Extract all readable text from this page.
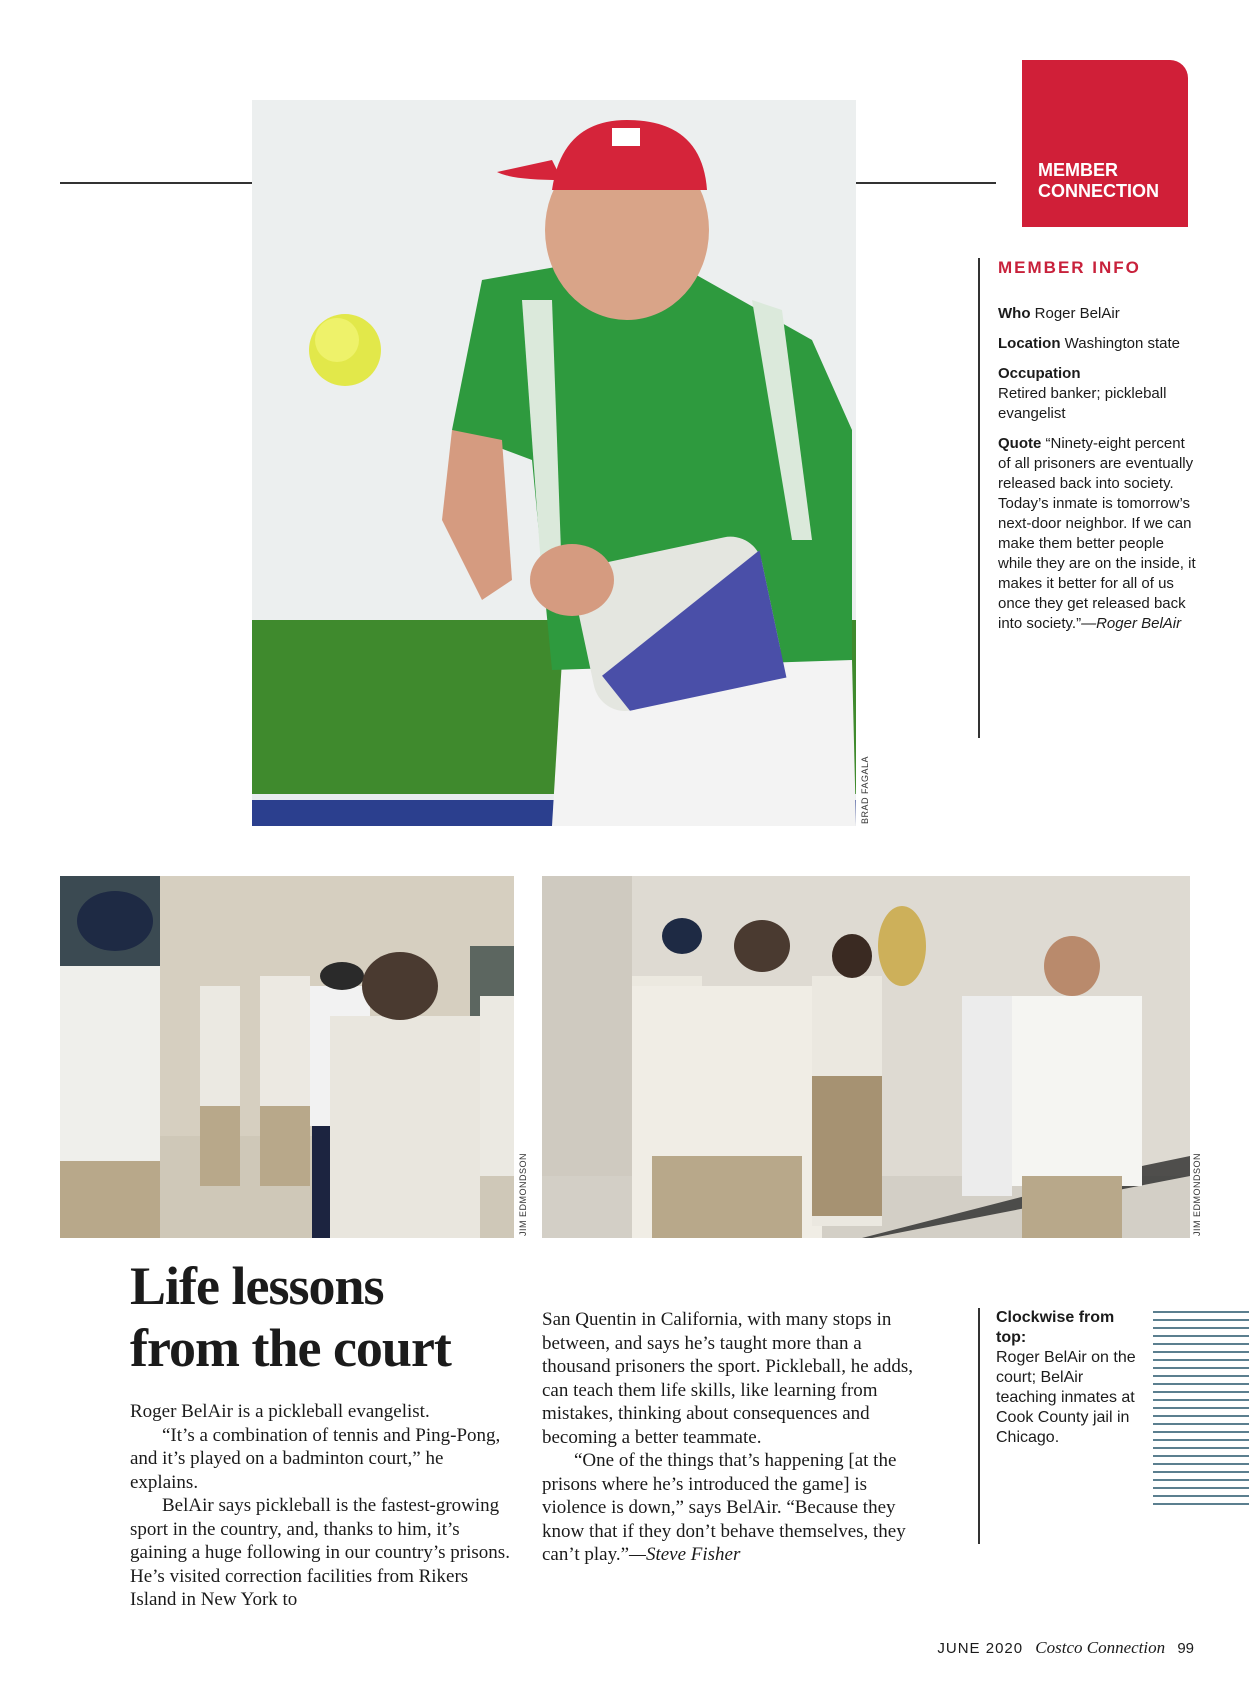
BRAD FAGALA
MEMBER
CONNECTION
MEMBER INFO

Who Roger BelAir

Location Washington state

Occupation
Retired banker; pickleball evangelist

Quote “Ninety-eight percent of all prisoners are eventually released back into society. Today’s inmate is tomorrow’s next-door neighbor. If we can make them better people while they are on the inside, it makes it better for all of us once they get released back into society.”—Roger BelAir

JIM EDMONDSON	JIM EDMONDSON
Life lessons
from the court

Roger BelAir is a pickleball evangelist.

“It’s a combination of tennis and Ping-Pong, and it’s played on a badminton court,” he explains.

BelAir says pickleball is the fastest-growing sport in the country, and, thanks to him, it’s gaining a huge following in our country’s prisons. He’s visited correction facilities from Rikers Island in New York to

San Quentin in California, with many stops in between, and says he’s taught more than a thousand prisoners the sport. Pickleball, he adds, can teach them life skills, like learning from mistakes, thinking about consequences and becoming a better teammate.

“One of the things that’s happening [at the prisons where he’s introduced the game] is violence is down,” says BelAir. “Because they know that if they don’t behave themselves, they can’t play.”—Steve Fisher

Clockwise from top:
Roger BelAir on the court; BelAir teaching inmates at Cook County jail in Chicago.
JUNE 2020 Costco Connection 99
